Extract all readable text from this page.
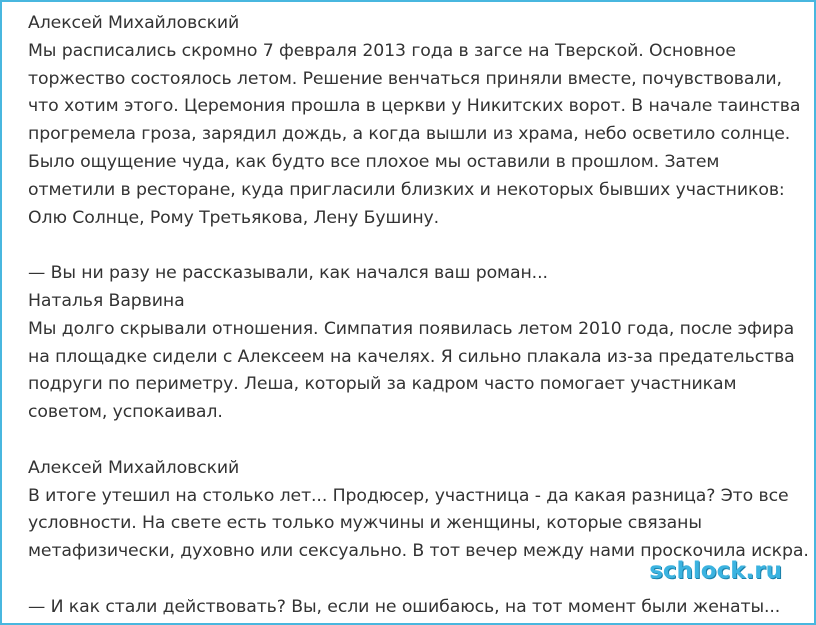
Алексей Михайловский
Мы расписались скромно 7 февраля 2013 года в загсе на Тверской. Основное
торжество состоялось летом. Решение венчаться приняли вместе, почувствовали,
что хотим этого. Церемония прошла в церкви у Никитских ворот. В начале таинства
прогремела гроза, зарядил дождь, а когда вышли из храма, небо осветило солнце.
Было ощущение чуда, как будто все плохое мы оставили в прошлом. Затем
отметили в ресторане, куда пригласили близких и некоторых бывших участников:
Олю Солнце, Рому Третьякова, Лену Бушину.
— Вы ни разу не рассказывали, как начался ваш роман...
Наталья Варвина
Мы долго скрывали отношения. Симпатия появилась летом 2010 года, после эфира
на площадке сидели с Алексеем на качелях. Я сильно плакала из-за предательства
подруги по периметру. Леша, который за кадром часто помогает участникам
советом, успокаивал.
Алексей Михайловский
В итоге утешил на столько лет... Продюсер, участница - да какая разница? Это все
условности. На свете есть только мужчины и женщины, которые связаны
метафизически, духовно или сексуально. В тот вечер между нами проскочила искра.
— И как стали действовать? Вы, если не ошибаюсь, на тот момент были женаты...
schlock.ru
